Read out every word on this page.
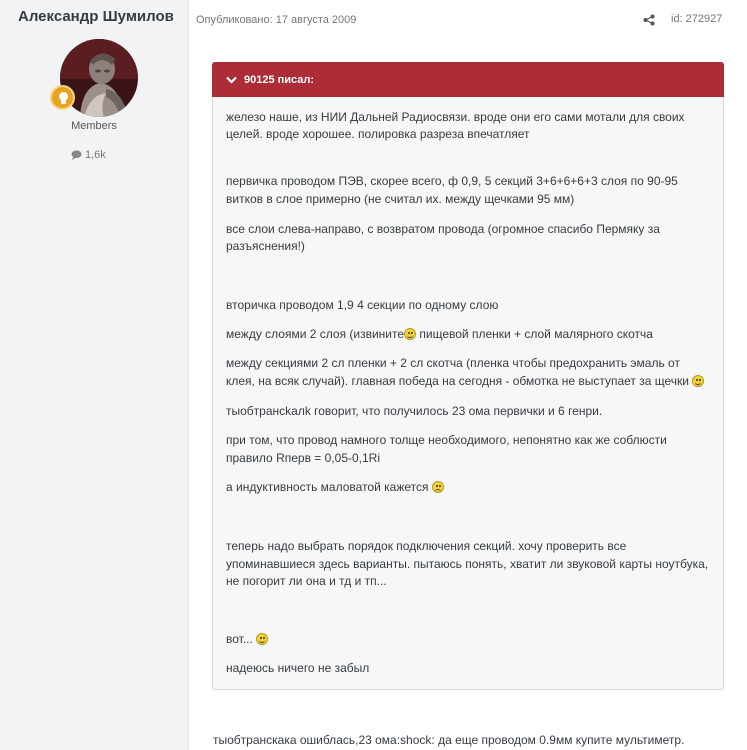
Александр Шумилов
Members
1,6k
Опубликовано: 17 августа 2009	id: 272927
90125 писал:
железо наше, из НИИ Дальней Радиосвязи. вроде они его сами мотали для своих
целей. вроде хорошее. полировка разреза впечатляет
первичка проводом ПЭВ, скорее всего, ф 0,9, 5 секций 3+6+6+6+3 слоя по 90-95
витков в слое примерно (не считал их. между щечками 95 мм)
все слои слева-направо, с возвратом провода (огромное спасибо Пермяку за
разъяснения!)
вторичка проводом 1,9 4 секции по одному слою
между слоями 2 слоя (извините
пищевой пленки + слой малярного скотча
между секциями 2 сл пленки + 2 сл скотча (пленка чтобы предохранить эмаль от
клея, на всяк случай). главная победа на сегодня - обмотка не выступает за щечки
тыобтрансkалk говорит, что получилось 23 ома первички и 6 генри.
при том, что провод намного толще необходимого, непонятно как же соблюсти
правило Rперв = 0,05-0,1Ri
а индуктивность маловатой кажется
теперь надо выбрать порядок подключения секций. хочу проверить все
упоминавшиеся здесь варианты. пытаюсь понять, хватит ли звуковой карты ноутбука,
не погорит ли она и тд и тп...
вот...
надеюсь ничего не забыл
тыобтранскака ошиблась,23 ома:shock: да еще проводом 0.9мм купите мультиметр.
